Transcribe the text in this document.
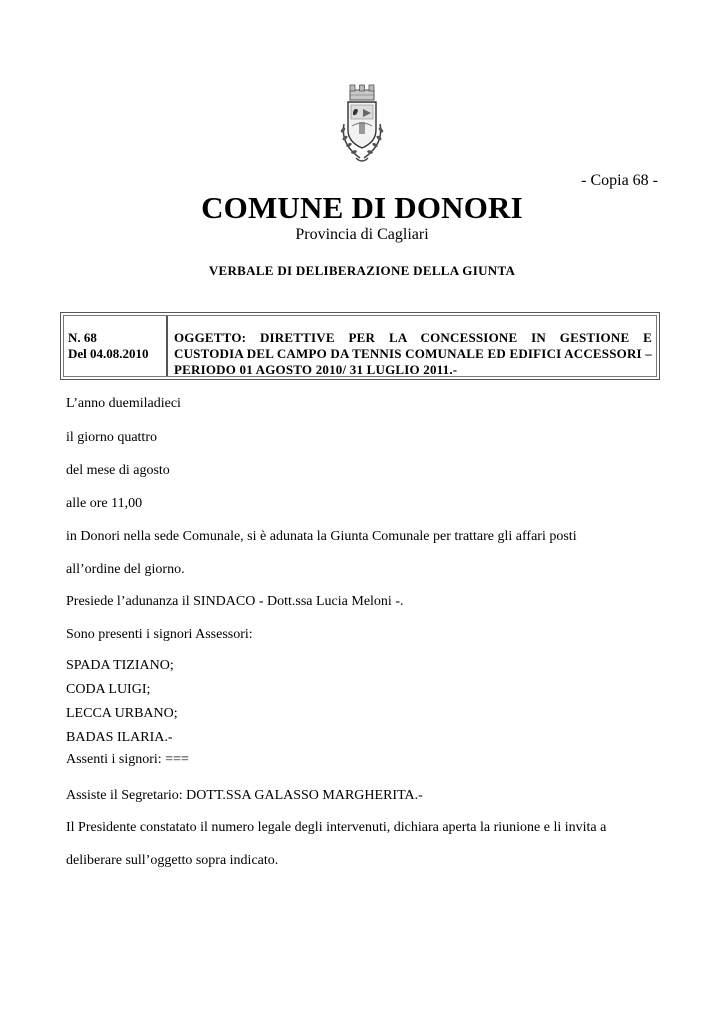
- Copia 68 -
COMUNE DI DONORI
Provincia di Cagliari
VERBALE DI DELIBERAZIONE DELLA GIUNTA
N. 68
Del 04.08.2010
OGGETTO: DIRETTIVE PER LA CONCESSIONE IN GESTIONE E CUSTODIA DEL CAMPO DA TENNIS COMUNALE ED EDIFICI ACCESSORI – PERIODO 01 AGOSTO 2010/ 31 LUGLIO 2011.-
L’anno duemiladieci
il giorno quattro
del mese di agosto
alle ore 11,00
in Donori nella sede Comunale, si è adunata la Giunta Comunale per trattare gli affari posti
all’ordine del giorno.
Presiede l’adunanza il SINDACO - Dott.ssa Lucia Meloni -.
Sono presenti i signori Assessori:
SPADA TIZIANO;
CODA LUIGI;
LECCA URBANO;
BADAS ILARIA.-
Assenti i signori: ===
Assiste il Segretario: DOTT.SSA GALASSO MARGHERITA.-
Il Presidente constatato il numero legale degli intervenuti, dichiara aperta la riunione e li invita a
deliberare sull’oggetto sopra indicato.
